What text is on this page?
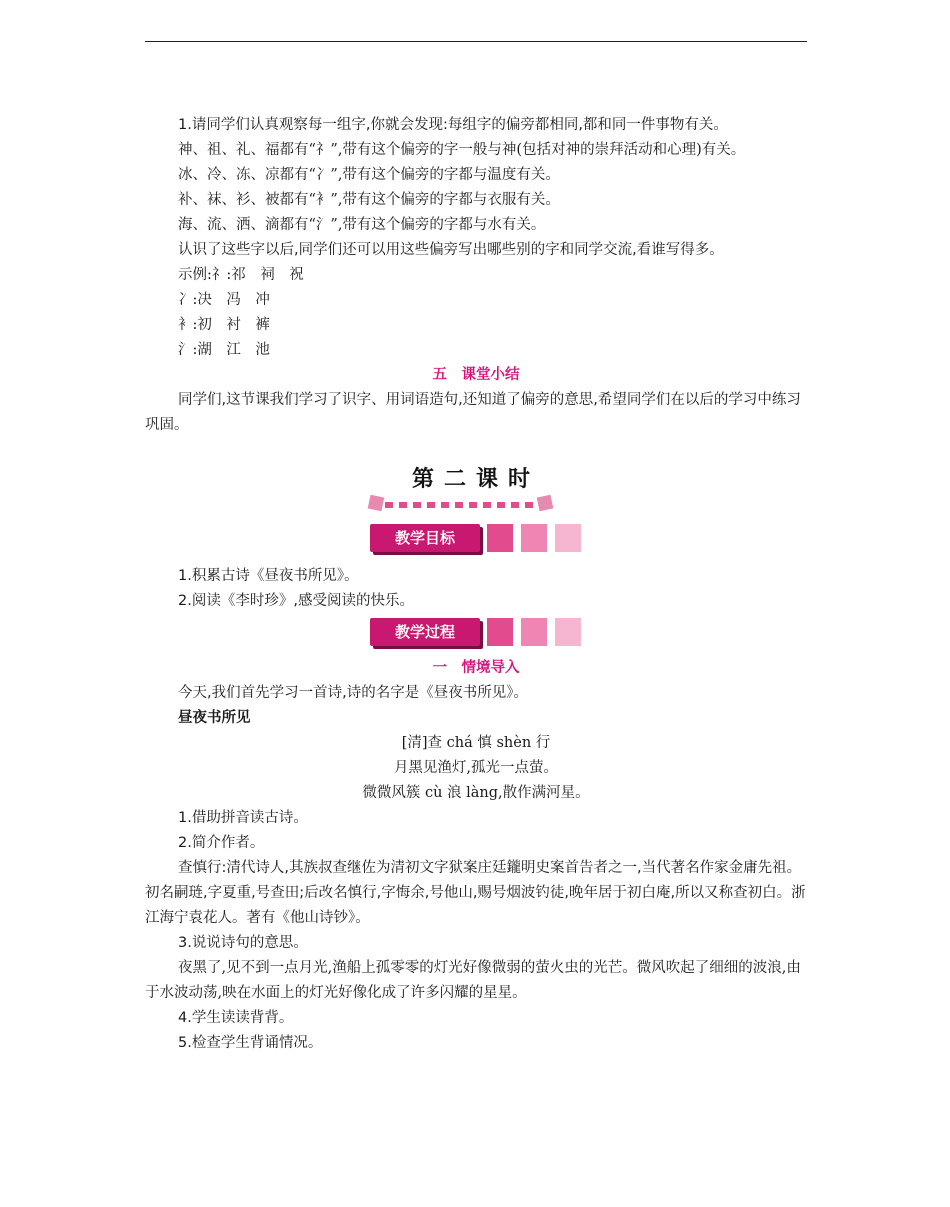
1.请同学们认真观察每一组字,你就会发现:每组字的偏旁都相同,都和同一件事物有关。

神、祖、礼、福都有“礻”,带有这个偏旁的字一般与神(包括对神的崇拜活动和心理)有关。

冰、冷、冻、凉都有“冫”,带有这个偏旁的字都与温度有关。

补、袜、衫、被都有“衤”,带有这个偏旁的字都与衣服有关。

海、流、洒、滴都有“氵”,带有这个偏旁的字都与水有关。

认识了这些字以后,同学们还可以用这些偏旁写出哪些别的字和同学交流,看谁写得多。

示例:礻:祁　祠　祝

冫:决　冯　冲

衤:初　衬　裤

氵:湖　江　池

五　课堂小结

同学们,这节课我们学习了识字、用词语造句,还知道了偏旁的意思,希望同学们在以后的学习中练习巩固。

第二课时
教学目标

1.积累古诗《昼夜书所见》。

2.阅读《李时珍》,感受阅读的快乐。

教学过程

一　情境导入

今天,我们首先学习一首诗,诗的名字是《昼夜书所见》。

昼夜书所见

[清]查 chá 慎 shèn 行

月黑见渔灯,孤光一点萤。

微微风簇 cù 浪 làng,散作满河星。

1.借助拼音读古诗。

2.简介作者。

查慎行:清代诗人,其族叔查继佐为清初文字狱案庄廷鑨明史案首告者之一,当代著名作家金庸先祖。初名嗣琏,字夏重,号查田;后改名慎行,字悔余,号他山,赐号烟波钓徒,晚年居于初白庵,所以又称查初白。浙江海宁袁花人。著有《他山诗钞》。

3.说说诗句的意思。

夜黑了,见不到一点月光,渔船上孤零零的灯光好像微弱的萤火虫的光芒。微风吹起了细细的波浪,由于水波动荡,映在水面上的灯光好像化成了许多闪耀的星星。

4.学生读读背背。

5.检查学生背诵情况。
